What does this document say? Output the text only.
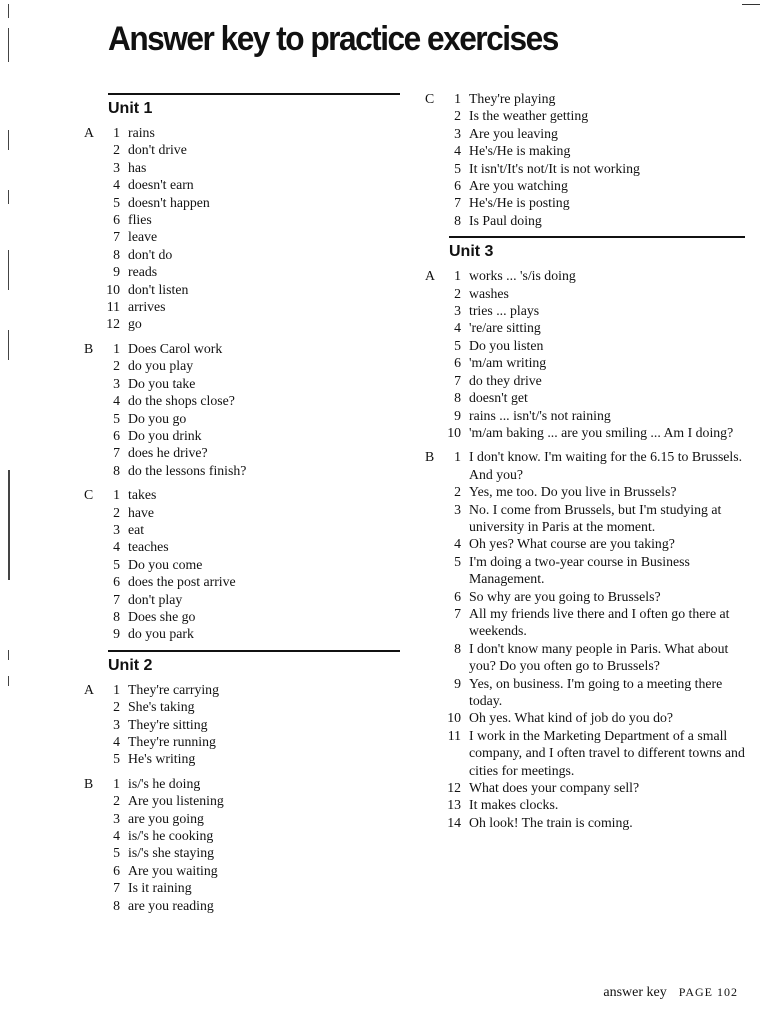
Answer key to practice exercises
Unit 1
A	1 rains
2 don't drive
3 has
4 doesn't earn
5 doesn't happen
6 flies
7 leave
8 don't do
9 reads
10 don't listen
11 arrives
12 go
B	1 Does Carol work
2 do you play
3 Do you take
4 do the shops close?
5 Do you go
6 Do you drink
7 does he drive?
8 do the lessons finish?
C	1 takes
2 have
3 eat
4 teaches
5 Do you come
6 does the post arrive
7 don't play
8 Does she go
9 do you park
Unit 2
A	1 They're carrying
2 She's taking
3 They're sitting
4 They're running
5 He's writing
B	1 is/'s he doing
2 Are you listening
3 are you going
4 is/'s he cooking
5 is/'s she staying
6 Are you waiting
7 Is it raining
8 are you reading
C	1 They're playing
2 Is the weather getting
3 Are you leaving
4 He's/He is making
5 It isn't/It's not/It is not working
6 Are you watching
7 He's/He is posting
8 Is Paul doing
Unit 3
A	1 works ... 's/is doing
2 washes
3 tries ... plays
4 're/are sitting
5 Do you listen
6 'm/am writing
7 do they drive
8 doesn't get
9 rains ... isn't/'s not raining
10 'm/am baking ... are you smiling ... Am I doing?
B	1 I don't know. I'm waiting for the 6.15 to Brussels. And you?
2 Yes, me too. Do you live in Brussels?
3 No. I come from Brussels, but I'm studying at university in Paris at the moment.
4 Oh yes? What course are you taking?
5 I'm doing a two-year course in Business Management.
6 So why are you going to Brussels?
7 All my friends live there and I often go there at weekends.
8 I don't know many people in Paris. What about you? Do you often go to Brussels?
9 Yes, on business. I'm going to a meeting there today.
10 Oh yes. What kind of job do you do?
11 I work in the Marketing Department of a small company, and I often travel to different towns and cities for meetings.
12 What does your company sell?
13 It makes clocks.
14 Oh look! The train is coming.
answer key PAGE 102
